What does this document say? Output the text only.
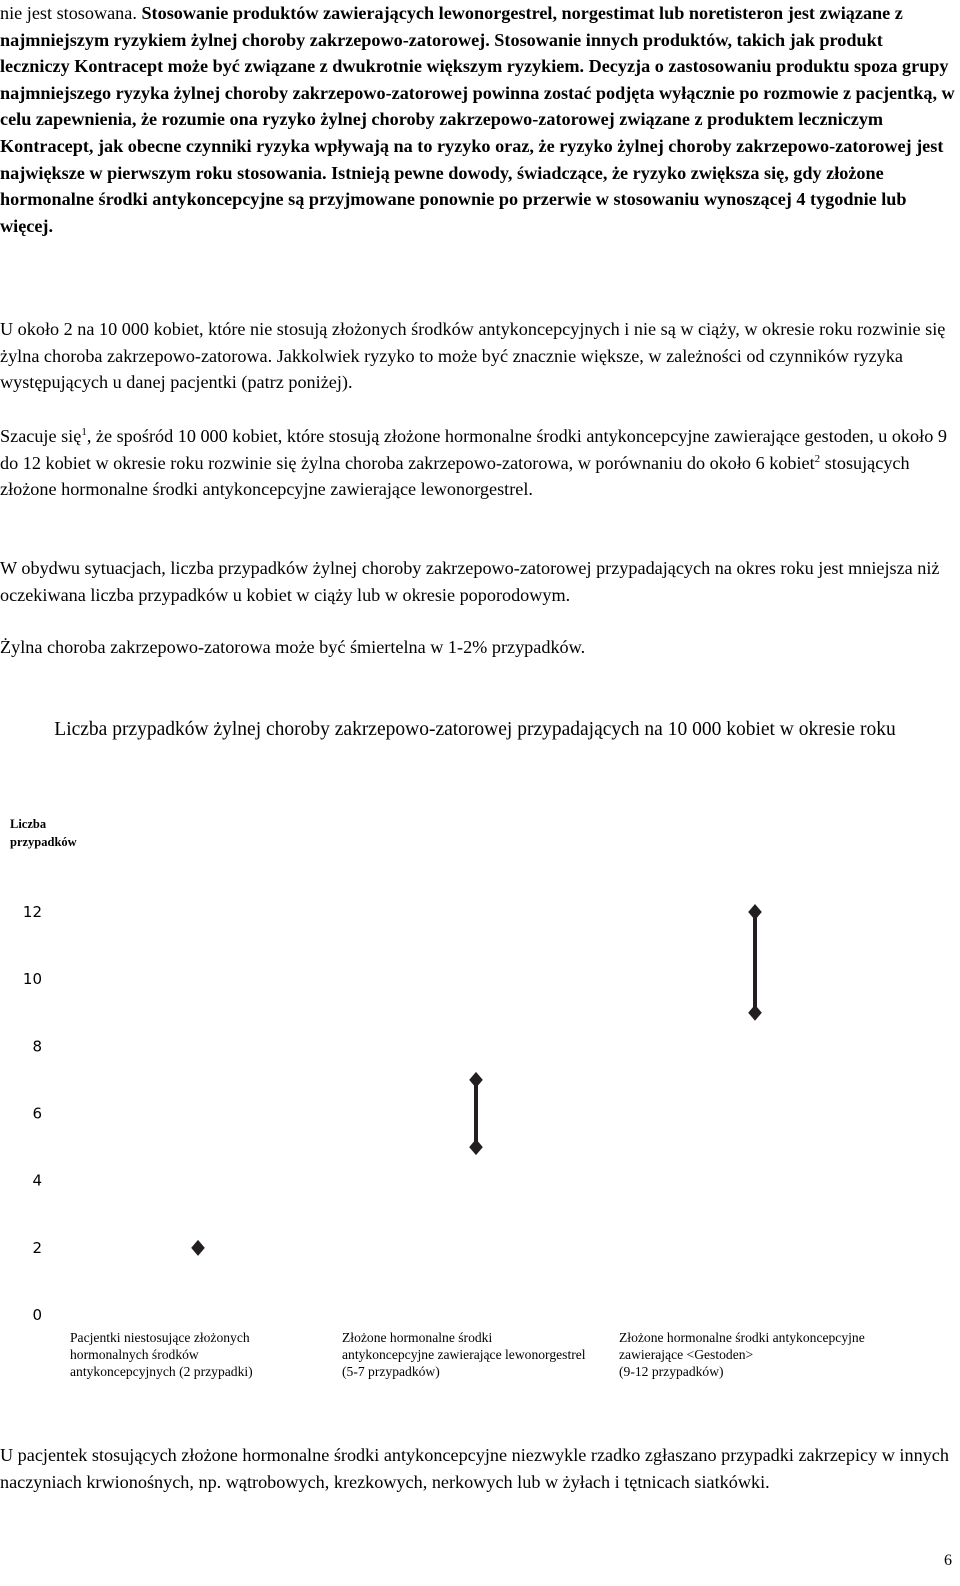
nie jest stosowana. Stosowanie produktów zawierających lewonorgestrel, norgestimat lub noretisteron jest związane z najmniejszym ryzykiem żylnej choroby zakrzepowo-zatorowej. Stosowanie innych produktów, takich jak produkt leczniczy Kontracept może być związane z dwukrotnie większym ryzykiem. Decyzja o zastosowaniu produktu spoza grupy najmniejszego ryzyka żylnej choroby zakrzepowo-zatorowej powinna zostać podjęta wyłącznie po rozmowie z pacjentką, w celu zapewnienia, że rozumie ona ryzyko żylnej choroby zakrzepowo-zatorowej związane z produktem leczniczym Kontracept, jak obecne czynniki ryzyka wpływają na to ryzyko oraz, że ryzyko żylnej choroby zakrzepowo-zatorowej jest największe w pierwszym roku stosowania. Istnieją pewne dowody, świadczące, że ryzyko zwiększa się, gdy złożone hormonalne środki antykoncepcyjne są przyjmowane ponownie po przerwie w stosowaniu wynoszącej 4 tygodnie lub więcej.

U około 2 na 10 000 kobiet, które nie stosują złożonych środków antykoncepcyjnych i nie są w ciąży, w okresie roku rozwinie się żylna choroba zakrzepowo-zatorowa. Jakkolwiek ryzyko to może być znacznie większe, w zależności od czynników ryzyka występujących u danej pacjentki (patrz poniżej).

Szacuje się$^1$, że spośród 10 000 kobiet, które stosują złożone hormonalne środki antykoncepcyjne zawierające gestoden, u około 9 do 12 kobiet w okresie roku rozwinie się żylna choroba zakrzepowo-zatorowa, w porównaniu do około 6 kobiet$^2$ stosujących złożone hormonalne środki antykoncepcyjne zawierające lewonorgestrel.

W obydwu sytuacjach, liczba przypadków żylnej choroby zakrzepowo-zatorowej przypadających na okres roku jest mniejsza niż oczekiwana liczba przypadków u kobiet w ciąży lub w okresie poporodowym.

Żylna choroba zakrzepowo-zatorowa może być śmiertelna w 1-2% przypadków.

Liczba przypadków żylnej choroby zakrzepowo-zatorowej przypadających na 10 000 kobiet w okresie roku
Liczba
przypadków
0
2
4
6
8
10
12
Pacjentki niestosujące złożonych
hormonalnych środków
antykoncepcyjnych (2 przypadki)
Złożone hormonalne środki
antykoncepcyjne zawierające lewonorgestrel
(5-7 przypadków)
Złożone hormonalne środki antykoncepcyjne
zawierające <Gestoden>
(9-12 przypadków)

U pacjentek stosujących złożone hormonalne środki antykoncepcyjne niezwykle rzadko zgłaszano przypadki zakrzepicy w innych naczyniach krwionośnych, np. wątrobowych, krezkowych, nerkowych lub w żyłach i tętnicach siatkówki.

6
